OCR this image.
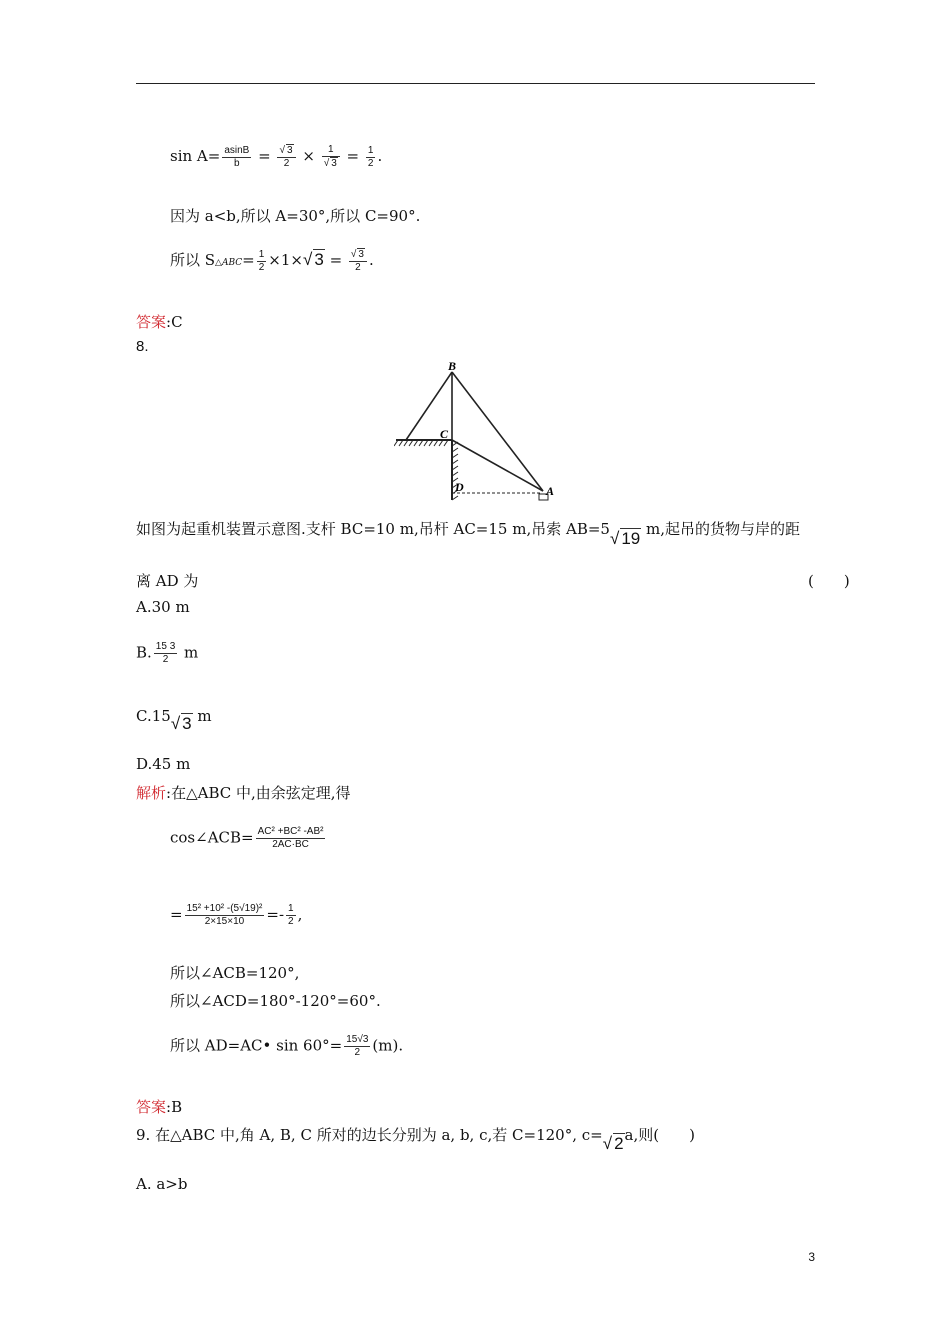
$\sin A= \frac{asinB}{b} = \frac{√ 3}{2} \times \frac{1}{√ 3} = \frac{1}{2}$ .
因为 a<b,所以 A=30°,所以 C=90°.
所以 S△ABC= $\frac{1}{2} \times 1\times√$ $3 = \frac{√ 3}{2}$ .
答案:C
8.
B
C
D	A
如图为起重机装置示意图.支杆 BC=10 m,吊杆 AC=15 m,吊索 AB=5√ 19 m,起吊的货物与岸的距
离 AD 为	(　　)
A.30 m
B. $\frac{15 3}{2}$ m
C.15√ 3 m
D.45 m
解析:在△ABC 中,由余弦定理,得
cos∠ACB= $\frac{\text{AC² +BC² -AB²}}{2AC\cdot BC}$
= $\frac{\text{15² +10² -(5√19)²}}{2\times 15\times 10} =- \frac{1}{2}$ ,
所以∠ACB=120°,
所以∠ACD=180°-120°=60°.
所以 AD=AC• $\sin 60^\circ= \frac{15√3}{2} (m)$.
答案:B
9. 在△ABC 中,角 A, B, C 所对的边长分别为 a, b, c,若 C=120°, c=√ 2a,则(　　)
A. a>b
3
